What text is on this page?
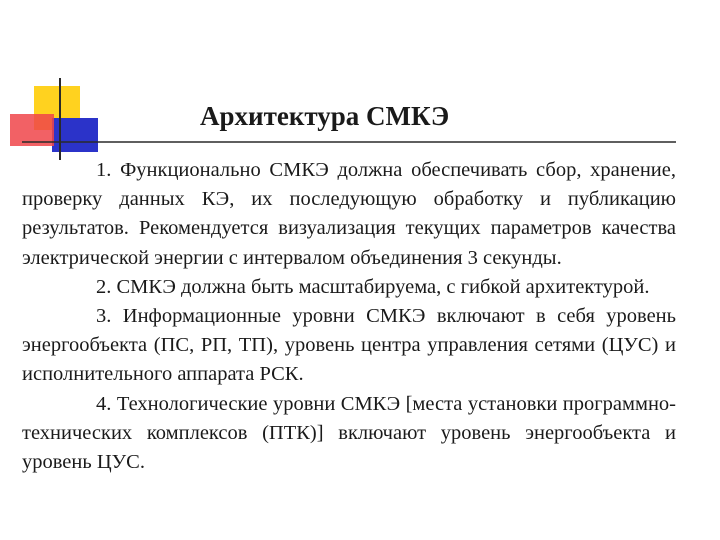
Архитектура СМКЭ

1. Функционально СМКЭ должна обеспечивать сбор, хранение, проверку данных КЭ, их последующую обработку и публикацию результатов. Рекомендуется визуализация текущих параметров качества электрической энергии с интервалом объединения 3 секунды.

2. СМКЭ должна быть масштабируема, с гибкой архитектурой.

3. Информационные уровни СМКЭ включают в себя уровень энергообъекта (ПС, РП, ТП), уровень центра управления сетями (ЦУС) и исполнительного аппарата РСК.

4. Технологические уровни СМКЭ [места установки программно-технических комплексов (ПТК)] включают уровень энергообъекта и уровень ЦУС.
